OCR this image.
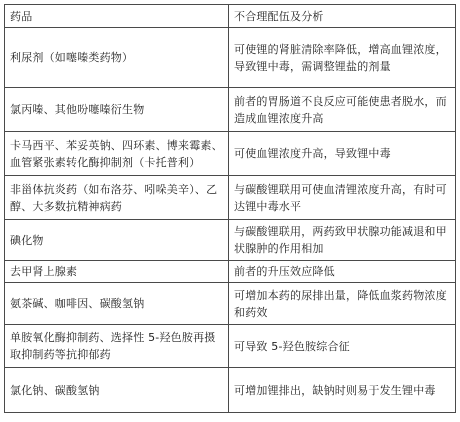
药品	不合理配伍及分析
利尿剂（如噻嗪类药物）	可使锂的肾脏清除率降低，增高血锂浓度，导致锂中毒，需调整锂盐的剂量
氯丙嗪、其他吩噻嗪衍生物	前者的胃肠道不良反应可能使患者脱水，而造成血锂浓度升高
卡马西平、苯妥英钠、四环素、博来霉素、血管紧张素转化酶抑制剂（卡托普利）	可使血锂浓度升高，导致锂中毒
非甾体抗炎药（如布洛芬、吲哚美辛）、乙醇、大多数抗精神病药	与碳酸锂联用可使血清锂浓度升高，有时可达锂中毒水平
碘化物	与碳酸锂联用，两药致甲状腺功能减退和甲状腺肿的作用相加
去甲肾上腺素	前者的升压效应降低
氨茶碱、咖啡因、碳酸氢钠	可增加本药的尿排出量，降低血浆药物浓度和药效
单胺氧化酶抑制药、选择性 5-羟色胺再摄取抑制药等抗抑郁药	可导致 5-羟色胺综合征
氯化钠、碳酸氢钠	可增加锂排出，缺钠时则易于发生锂中毒
